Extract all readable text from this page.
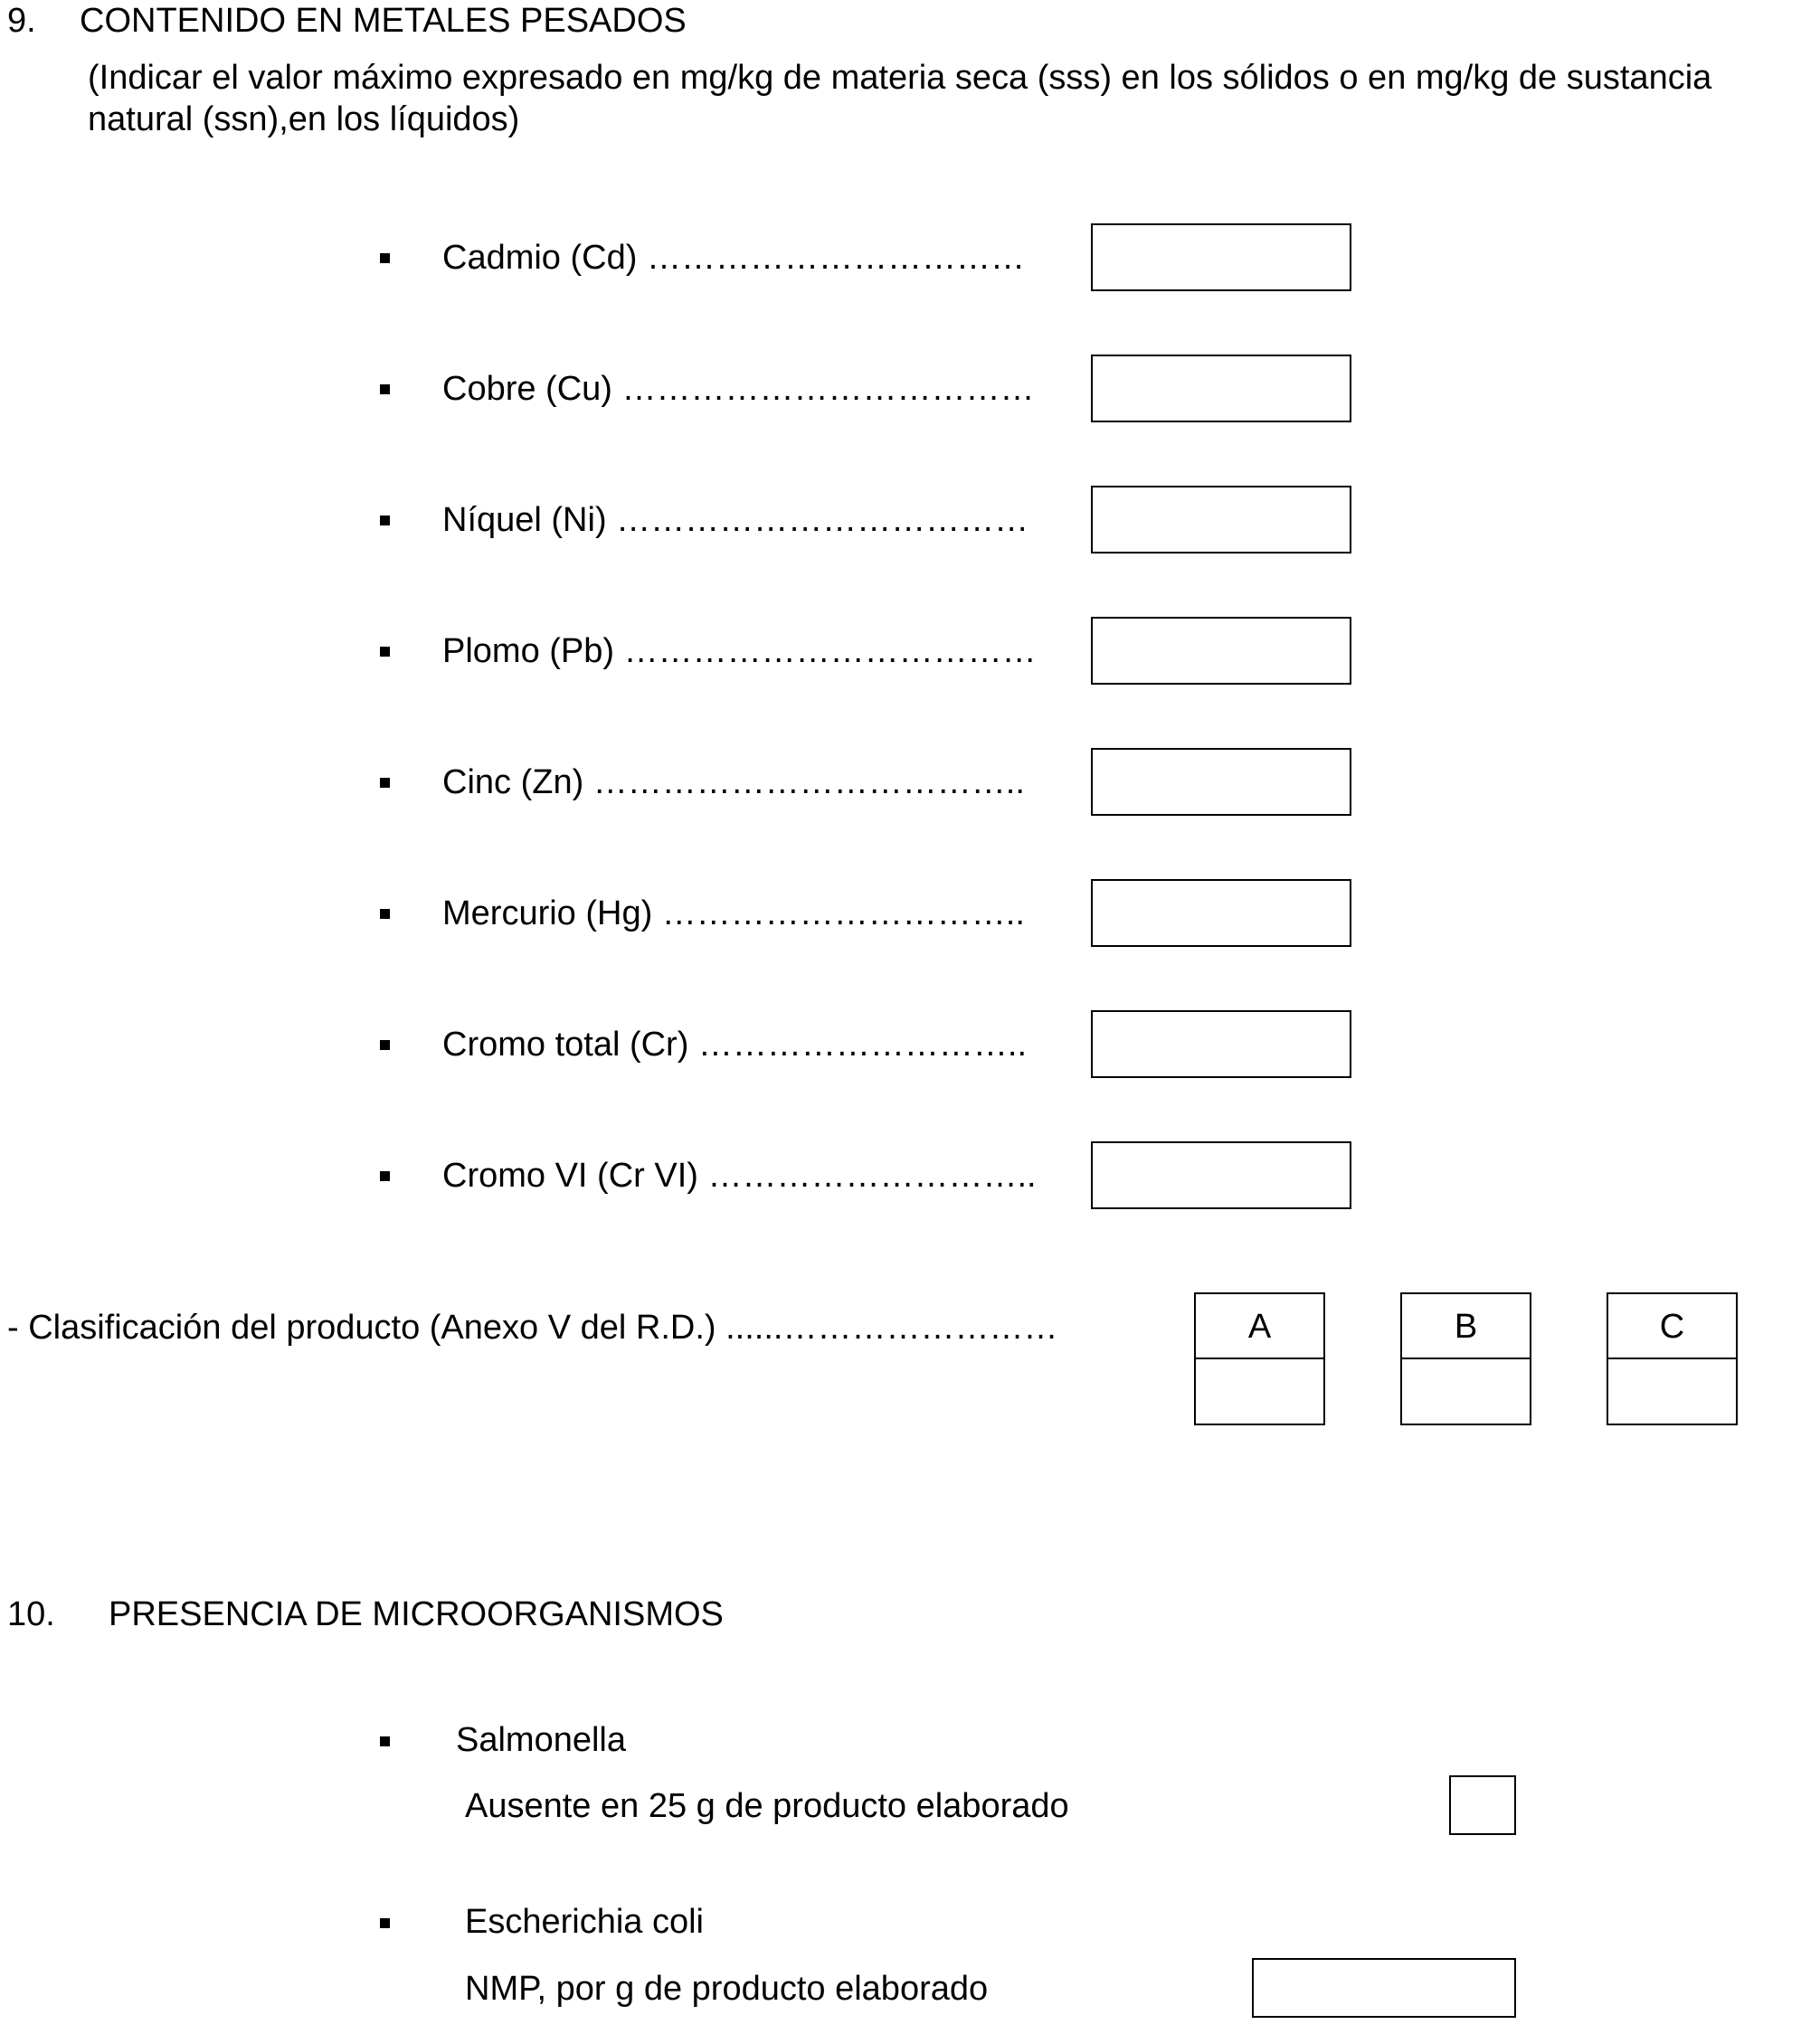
9. CONTENIDO EN METALES PESADOS
(Indicar el valor máximo expresado en mg/kg de materia seca (sss) en los sólidos o en mg/kg de sustancia
natural (ssn),en los líquidos)
Cadmio (Cd) ……………………………
Cobre (Cu) ………………………………
Níquel (Ni) ………………………………
Plomo (Pb) ………………………………
Cinc (Zn) ………………………………..
Mercurio (Hg) …………………………..
Cromo total (Cr) ………………………..
Cromo VI (Cr VI) ………………………..
- Clasificación del producto (Anexo V del R.D.) ......……………………	A	B	C
10. PRESENCIA DE MICROORGANISMOS
Salmonella
Ausente en 25 g de producto elaborado
Escherichia coli
NMP, por g de producto elaborado
